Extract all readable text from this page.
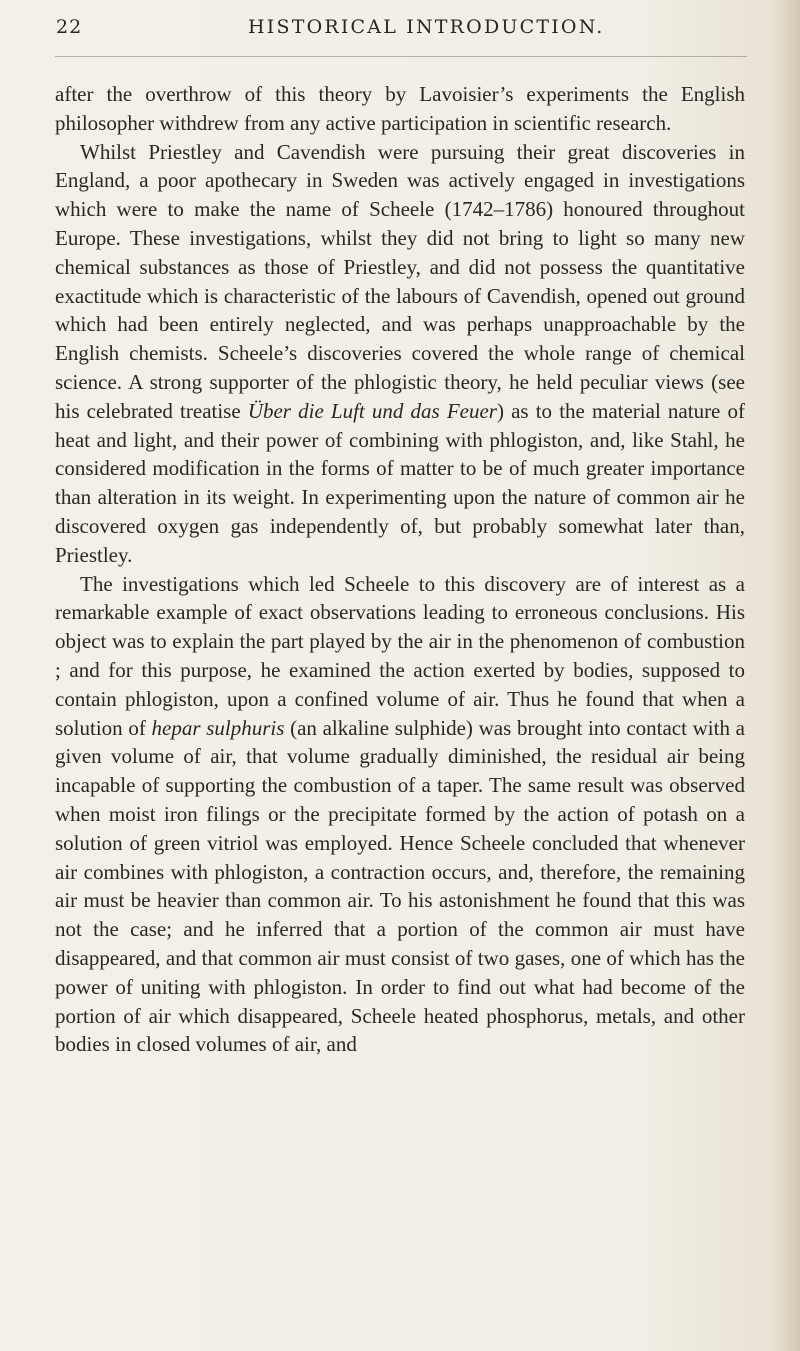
22	HISTORICAL INTRODUCTION.

after the overthrow of this theory by Lavoisier’s experiments the English philosopher withdrew from any active participation in scientific research.

Whilst Priestley and Cavendish were pursuing their great discoveries in England, a poor apothecary in Sweden was actively engaged in investigations which were to make the name of Scheele (1742–1786) honoured throughout Europe. These investigations, whilst they did not bring to light so many new chemical substances as those of Priestley, and did not possess the quantitative exactitude which is characteristic of the labours of Cavendish, opened out ground which had been entirely neglected, and was perhaps unapproachable by the English chemists. Scheele’s discoveries covered the whole range of chemical science. A strong supporter of the phlogistic theory, he held peculiar views (see his celebrated treatise Über die Luft und das Feuer) as to the material nature of heat and light, and their power of combining with phlogiston, and, like Stahl, he considered modification in the forms of matter to be of much greater importance than alteration in its weight. In experimenting upon the nature of common air he discovered oxygen gas independently of, but probably somewhat later than, Priestley.

The investigations which led Scheele to this discovery are of interest as a remarkable example of exact observations leading to erroneous conclusions. His object was to explain the part played by the air in the phenomenon of combustion ; and for this purpose, he examined the action exerted by bodies, supposed to contain phlogiston, upon a confined volume of air. Thus he found that when a solution of hepar sulphuris (an alkaline sulphide) was brought into contact with a given volume of air, that volume gradually diminished, the residual air being incapable of supporting the combustion of a taper. The same result was observed when moist iron filings or the precipitate formed by the action of potash on a solution of green vitriol was employed. Hence Scheele concluded that whenever air combines with phlogiston, a contraction occurs, and, therefore, the remaining air must be heavier than common air. To his astonishment he found that this was not the case; and he inferred that a portion of the common air must have disappeared, and that common air must consist of two gases, one of which has the power of uniting with phlogiston. In order to find out what had become of the portion of air which disappeared, Scheele heated phosphorus, metals, and other bodies in closed volumes of air, and
